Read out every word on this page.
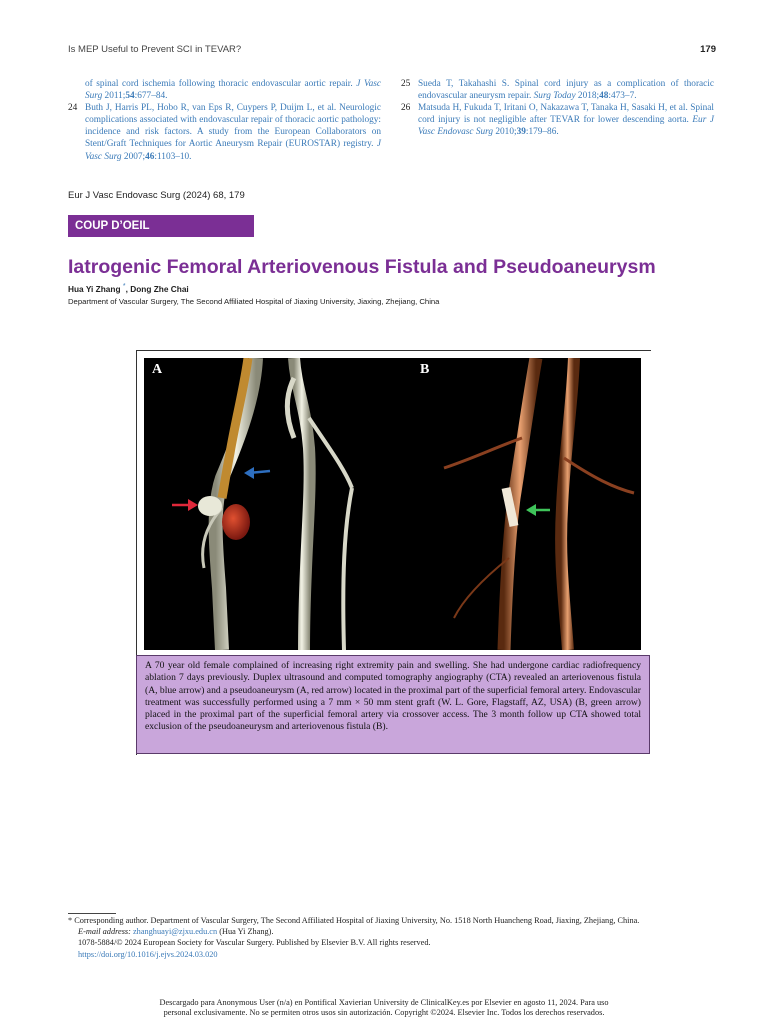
Is MEP Useful to Prevent SCI in TEVAR?	179
of spinal cord ischemia following thoracic endovascular aortic repair. J Vasc Surg 2011;54:677–84.
24 Buth J, Harris PL, Hobo R, van Eps R, Cuypers P, Duijm L, et al. Neurologic complications associated with endovascular repair of thoracic aortic pathology: incidence and risk factors. A study from the European Collaborators on Stent/Graft Techniques for Aortic Aneurysm Repair (EUROSTAR) registry. J Vasc Surg 2007;46:1103–10.
25 Sueda T, Takahashi S. Spinal cord injury as a complication of thoracic endovascular aneurysm repair. Surg Today 2018;48:473–7.
26 Matsuda H, Fukuda T, Iritani O, Nakazawa T, Tanaka H, Sasaki H, et al. Spinal cord injury is not negligible after TEVAR for lower descending aorta. Eur J Vasc Endovasc Surg 2010;39:179–86.
Eur J Vasc Endovasc Surg (2024) 68, 179
COUP D’OEIL
Iatrogenic Femoral Arteriovenous Fistula and Pseudoaneurysm
Hua Yi Zhang *, Dong Zhe Chai
Department of Vascular Surgery, The Second Affiliated Hospital of Jiaxing University, Jiaxing, Zhejiang, China
A	B
A 70 year old female complained of increasing right extremity pain and swelling. She had undergone cardiac radiofrequency ablation 7 days previously. Duplex ultrasound and computed tomography angiography (CTA) revealed an arteriovenous fistula (A, blue arrow) and a pseudoaneurysm (A, red arrow) located in the proximal part of the superficial femoral artery. Endovascular treatment was successfully performed using a 7 mm × 50 mm stent graft (W. L. Gore, Flagstaff, AZ, USA) (B, green arrow) placed in the proximal part of the superficial femoral artery via crossover access. The 3 month follow up CTA showed total exclusion of the pseudoaneurysm and arteriovenous fistula (B).
* Corresponding author. Department of Vascular Surgery, The Second Affiliated Hospital of Jiaxing University, No. 1518 North Huancheng Road, Jiaxing, Zhejiang, China.
E-mail address: zhanghuayi@zjxu.edu.cn (Hua Yi Zhang).
1078-5884/© 2024 European Society for Vascular Surgery. Published by Elsevier B.V. All rights reserved.
https://doi.org/10.1016/j.ejvs.2024.03.020
Descargado para Anonymous User (n/a) en Pontifical Xavierian University de ClinicalKey.es por Elsevier en agosto 11, 2024. Para uso
personal exclusivamente. No se permiten otros usos sin autorización. Copyright ©2024. Elsevier Inc. Todos los derechos reservados.
